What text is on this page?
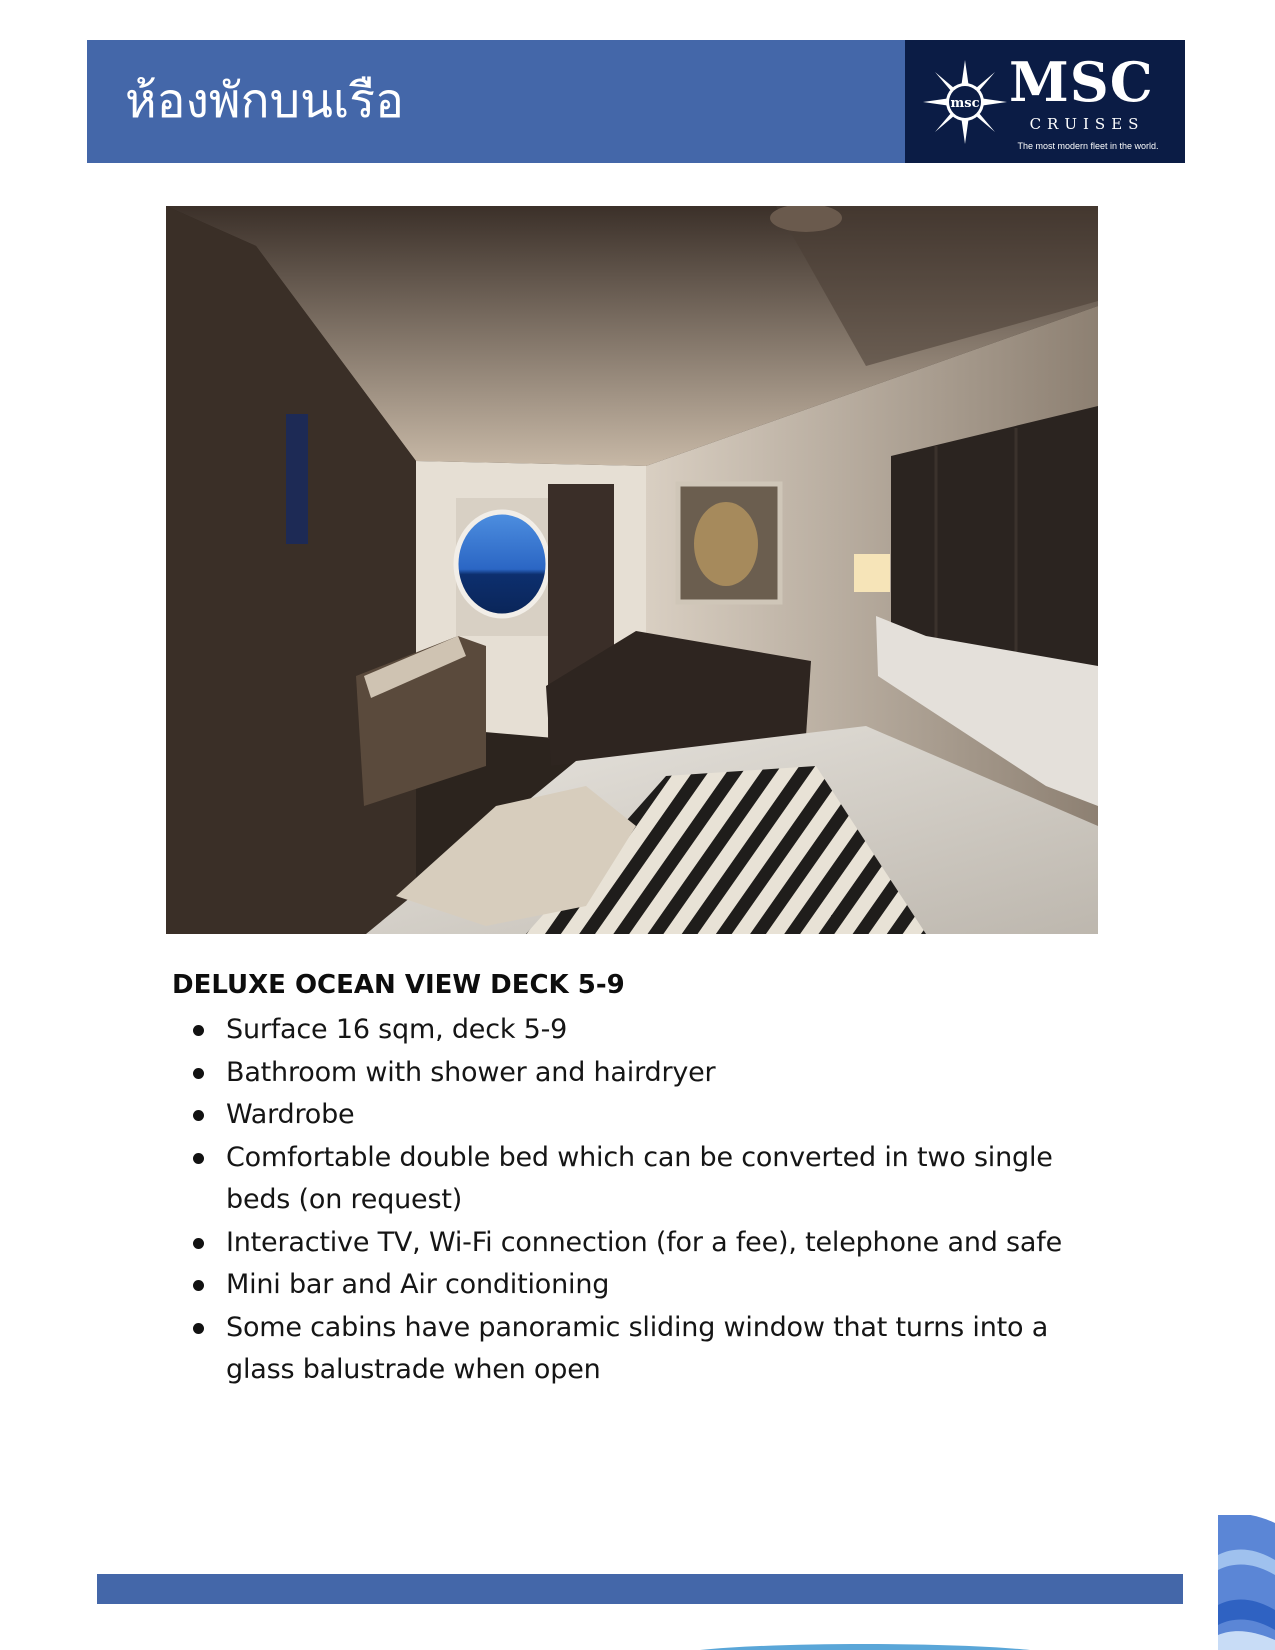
ห้องพักบนเรือ	msc MSC
CRUISES
The most modern fleet in the world.
DELUXE OCEAN VIEW DECK 5-9
Surface 16 sqm, deck 5-9
Bathroom with shower and hairdryer
Wardrobe
Comfortable double bed which can be converted in two single beds (on request)
Interactive TV, Wi-Fi connection (for a fee), telephone and safe
Mini bar and Air conditioning
Some cabins have panoramic sliding window that turns into a glass balustrade when open
